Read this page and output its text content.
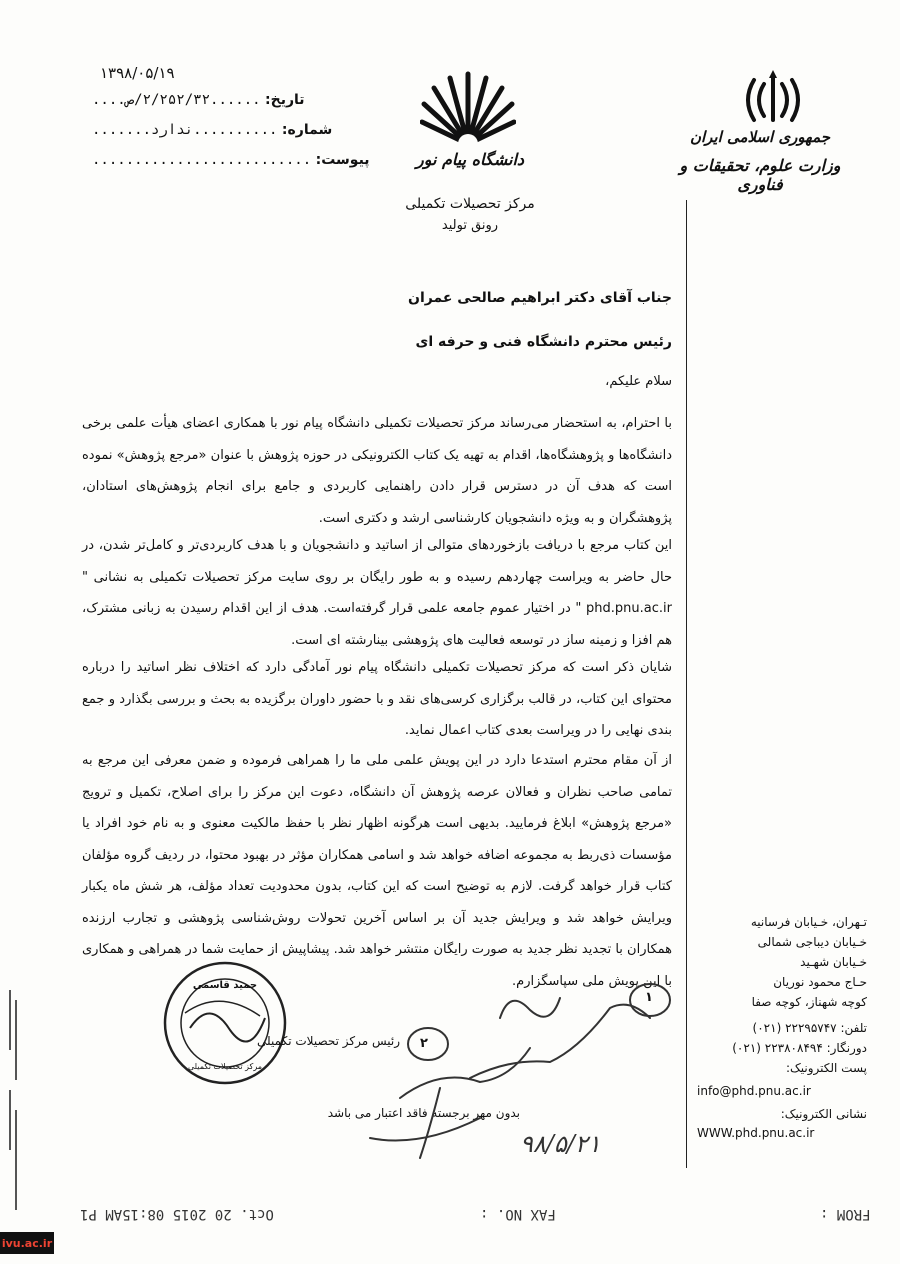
۱۳۹۸/۰۵/۱۹
تاریخ: ......۲/۲۵۲/۳۲/ص....
شماره: ..........ندارد.......
پیوست: ..........................	دانشگاه پیام نور
مرکز تحصیلات تکمیلی
رونق تولید
جمهوری اسلامی ایران
وزارت علوم، تحقیقات و فناوری
جناب آقای دکتر ابراهیم صالحی عمران
رئیس محترم دانشگاه فنی و حرفه ای
سلام علیکم،
با احترام، به استحضار می‌رساند مرکز تحصیلات تکمیلی دانشگاه پیام نور با همکاری اعضای هیأت علمی برخی دانشگاه‌ها و پژوهشگاه‌ها، اقدام به تهیه یک کتاب الکترونیکی در حوزه پژوهش با عنوان «مرجع پژوهش» نموده است که هدف آن در دسترس قرار دادن راهنمایی کاربردی و جامع برای انجام پژوهش‌های استادان، پژوهشگران و به ویژه دانشجویان کارشناسی ارشد و دکتری است.
این کتاب مرجع با دریافت بازخوردهای متوالی از اساتید و دانشجویان و با هدف کاربردی‌تر و کامل‌تر شدن، در حال حاضر به ویراست چهاردهم رسیده و به طور رایگان بر روی سایت مرکز تحصیلات تکمیلی به نشانی " phd.pnu.ac.ir " در اختیار عموم جامعه علمی قرار گرفته‌است. هدف از این اقدام رسیدن به زبانی مشترک، هم افزا و زمینه ساز در توسعه فعالیت های پژوهشی بینارشته ای است.
شایان ذکر است که مرکز تحصیلات تکمیلی دانشگاه پیام نور آمادگی دارد که اختلاف نظر اساتید را درباره محتوای این کتاب، در قالب برگزاری کرسی‌های نقد و با حضور داوران برگزیده به بحث و بررسی بگذارد و جمع بندی نهایی را در ویراست بعدی کتاب اعمال نماید.
از آن مقام محترم استدعا دارد در این پویش علمی ملی ما را همراهی فرموده و ضمن معرفی این مرجع به تمامی صاحب نظران و فعالان عرصه پژوهش آن دانشگاه، دعوت این مرکز را برای اصلاح، تکمیل و ترویج «مرجع پژوهش» ابلاغ فرمایید. بدیهی است هرگونه اظهار نظر با حفظ مالکیت معنوی و به نام خود افراد یا مؤسسات ذی‌ربط به مجموعه اضافه خواهد شد و اسامی همکاران مؤثر در بهبود محتوا، در ردیف گروه مؤلفان کتاب قرار خواهد گرفت. لازم به توضیح است که این کتاب، بدون محدودیت تعداد مؤلف، هر شش ماه یکبار ویرایش خواهد شد و ویرایش جدید آن بر اساس آخرین تحولات روش‌شناسی پژوهشی و تجارب ارزنده همکاران با تجدید نظر جدید به صورت رایگان منتشر خواهد شد. پیشاپیش از حمایت شما در همراهی و همکاری با این پویش ملی سپاسگزارم.
حمید قاسمی
مرکز تحصیلات تکمیلی
رئیس مرکز تحصیلات تکمیلی
بدون مهر برجسته فاقد اعتبار می باشد
۲
۱
۹۸/۵/۲۱
تـهران، خـیابان فرسانیه
خـیابان دیباجی شمالی
خـیابان شهـید
حـاج محمود نوریان
کوچه شهناز، کوچه صفا
تلفن: ۲۲۲۹۵۷۴۷ (۰۲۱)
دورنگار: ۲۲۳۸۰۸۴۹۴ (۰۲۱)
پست الکترونیک:
info@phd.pnu.ac.ir
نشانی الکترونیک:
WWW.phd.pnu.ac.ir
Oct. 20 2015 08:15AM P1	FAX NO. :	FROM :
ivu.ac.ir
